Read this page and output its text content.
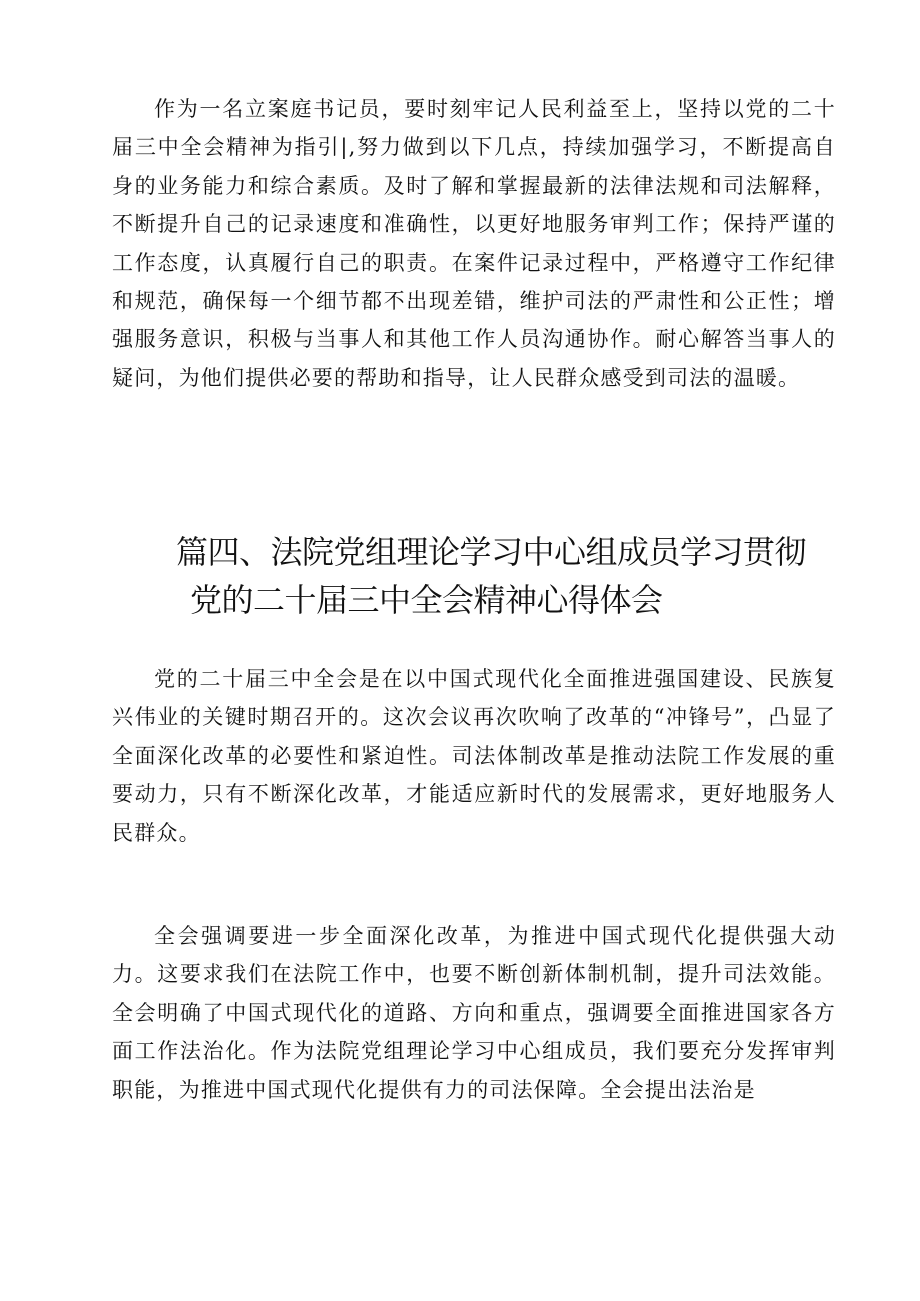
作为一名立案庭书记员，要时刻牢记人民利益至上，坚持以党的二十届三中全会精神为指引|,努力做到以下几点，持续加强学习，不断提高自身的业务能力和综合素质。及时了解和掌握最新的法律法规和司法解释，不断提升自己的记录速度和准确性，以更好地服务审判工作；保持严谨的工作态度，认真履行自己的职责。在案件记录过程中，严格遵守工作纪律和规范，确保每一个细节都不出现差错，维护司法的严肃性和公正性；增强服务意识，积极与当事人和其他工作人员沟通协作。耐心解答当事人的疑问，为他们提供必要的帮助和指导，让人民群众感受到司法的温暖。

篇四、法院党组理论学习中心组成员学习贯彻
党的二十届三中全会精神心得体会

党的二十届三中全会是在以中国式现代化全面推进强国建设、民族复兴伟业的关键时期召开的。这次会议再次吹响了改革的“冲锋号”，凸显了全面深化改革的必要性和紧迫性。司法体制改革是推动法院工作发展的重要动力，只有不断深化改革，才能适应新时代的发展需求，更好地服务人民群众。

全会强调要进一步全面深化改革，为推进中国式现代化提供强大动力。这要求我们在法院工作中，也要不断创新体制机制，提升司法效能。全会明确了中国式现代化的道路、方向和重点，强调要全面推进国家各方面工作法治化。作为法院党组理论学习中心组成员，我们要充分发挥审判职能，为推进中国式现代化提供有力的司法保障。全会提出法治是
